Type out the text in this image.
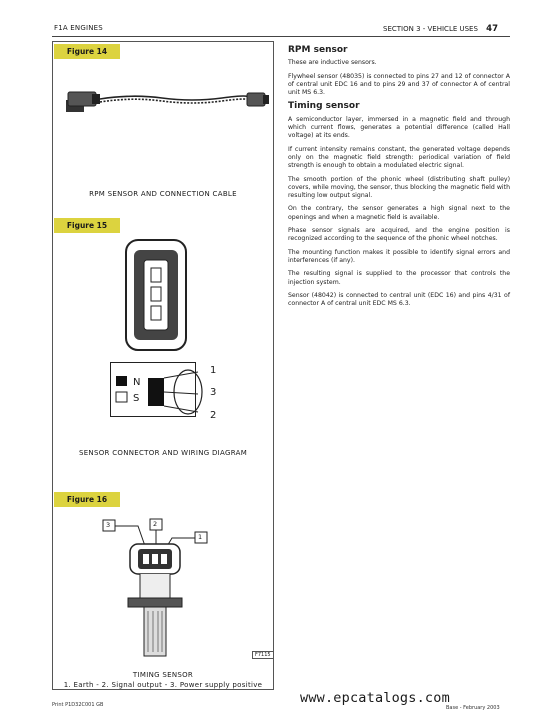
F1A ENGINES	SECTION 3 - VEHICLE USES 47
Figure 14
RPM SENSOR AND CONNECTION CABLE
Figure 15
N
S
1
3
2
SENSOR CONNECTOR AND WIRING DIAGRAM
Figure 16
3	2
1
F7115
TIMING SENSOR
1. Earth - 2. Signal output - 3. Power supply positive
RPM sensor

These are inductive sensors.

Flywheel sensor (48035) is connected to pins 27 and 12 of connector A of central unit EDC 16 and to pins 29 and 37 of connector A of central unit MS 6.3.

Timing sensor

A semiconductor layer, immersed in a magnetic field and through which current flows, generates a potential difference (called Hall voltage) at its ends.

If current intensity remains constant, the generated voltage depends only on the magnetic field strength: periodical variation of field strength is enough to obtain a modulated electric signal.

The smooth portion of the phonic wheel (distributing shaft pulley) covers, while moving, the sensor, thus blocking the magnetic field with resulting low output signal.

On the contrary, the sensor generates a high signal next to the openings and when a magnetic field is available.

Phase sensor signals are acquired, and the engine position is recognized according to the sequence of the phonic wheel notches.

The mounting function makes it possible to identify signal errors and interferences (if any).

The resulting signal is supplied to the processor that controls the injection system.

Sensor (48042) is connected to central unit (EDC 16) and pins 4/31 of connector A of central unit EDC MS 6.3.

Print P1D32C001 GB	www.epcatalogs.com
Base - February 2003
